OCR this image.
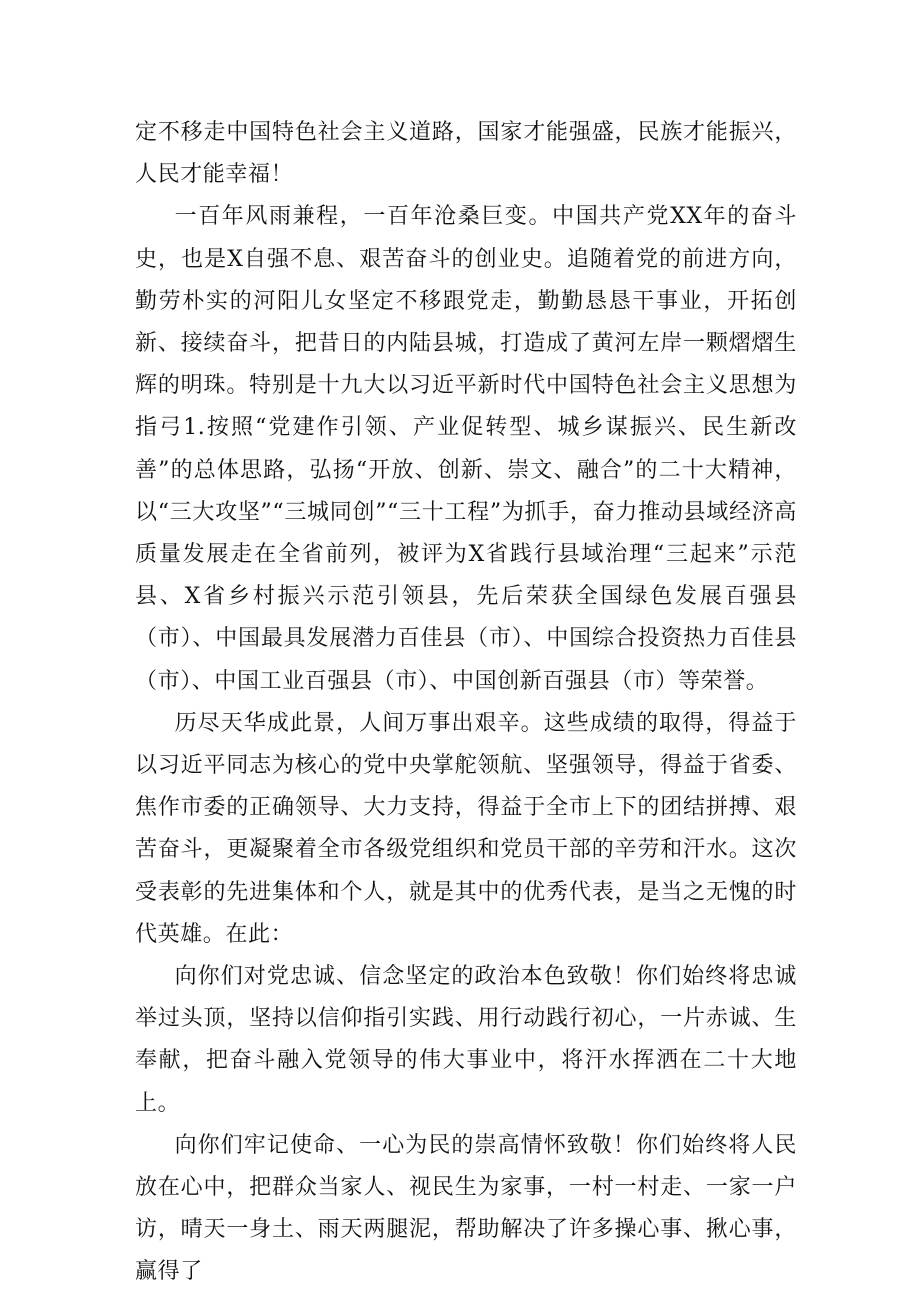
定不移走中国特色社会主义道路，国家才能强盛，民族才能振兴，人民才能幸福！

一百年风雨兼程，一百年沧桑巨变。中国共产党XX年的奋斗史，也是X自强不息、艰苦奋斗的创业史。追随着党的前进方向，勤劳朴实的河阳儿女坚定不移跟党走，勤勤恳恳干事业，开拓创新、接续奋斗，把昔日的内陆县城，打造成了黄河左岸一颗熠熠生辉的明珠。特别是十九大以习近平新时代中国特色社会主义思想为指弓1.按照“党建作引领、产业促转型、城乡谋振兴、民生新改善”的总体思路，弘扬“开放、创新、崇文、融合”的二十大精神，以“三大攻坚”“三城同创”“三十工程”为抓手，奋力推动县域经济高质量发展走在全省前列，被评为X省践行县域治理“三起来”示范县、X省乡村振兴示范引领县，先后荣获全国绿色发展百强县（市）、中国最具发展潜力百佳县（市）、中国综合投资热力百佳县（市）、中国工业百强县（市）、中国创新百强县（市）等荣誉。

历尽天华成此景，人间万事出艰辛。这些成绩的取得，得益于以习近平同志为核心的党中央掌舵领航、坚强领导，得益于省委、焦作市委的正确领导、大力支持，得益于全市上下的团结拼搏、艰苦奋斗，更凝聚着全市各级党组织和党员干部的辛劳和汗水。这次受表彰的先进集体和个人，就是其中的优秀代表，是当之无愧的时代英雄。在此：

向你们对党忠诚、信念坚定的政治本色致敬！你们始终将忠诚举过头顶，坚持以信仰指引实践、用行动践行初心，一片赤诚、生奉献，把奋斗融入党领导的伟大事业中，将汗水挥洒在二十大地上。

向你们牢记使命、一心为民的崇高情怀致敬！你们始终将人民放在心中，把群众当家人、视民生为家事，一村一村走、一家一户访，晴天一身土、雨天两腿泥，帮助解决了许多操心事、揪心事，赢得了
